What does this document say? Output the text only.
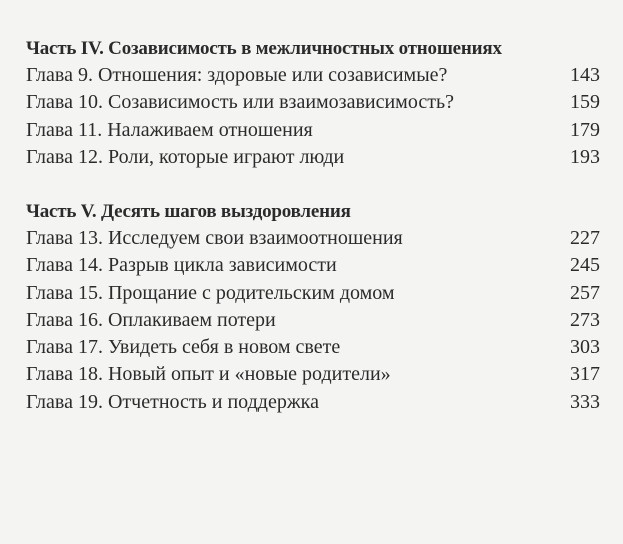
Часть IV. Созависимость в межличностных отношениях
Глава 9. Отношения: здоровые или созависимые?	143
Глава 10. Созависимость или взаимозависимость?	159
Глава 11. Налаживаем отношения	179
Глава 12. Роли, которые играют люди	193
Часть V. Десять шагов выздоровления
Глава 13. Исследуем свои взаимоотношения	227
Глава 14. Разрыв цикла зависимости	245
Глава 15. Прощание с родительским домом	257
Глава 16. Оплакиваем потери	273
Глава 17. Увидеть себя в новом свете	303
Глава 18. Новый опыт и «новые родители»	317
Глава 19. Отчетность и поддержка	333
